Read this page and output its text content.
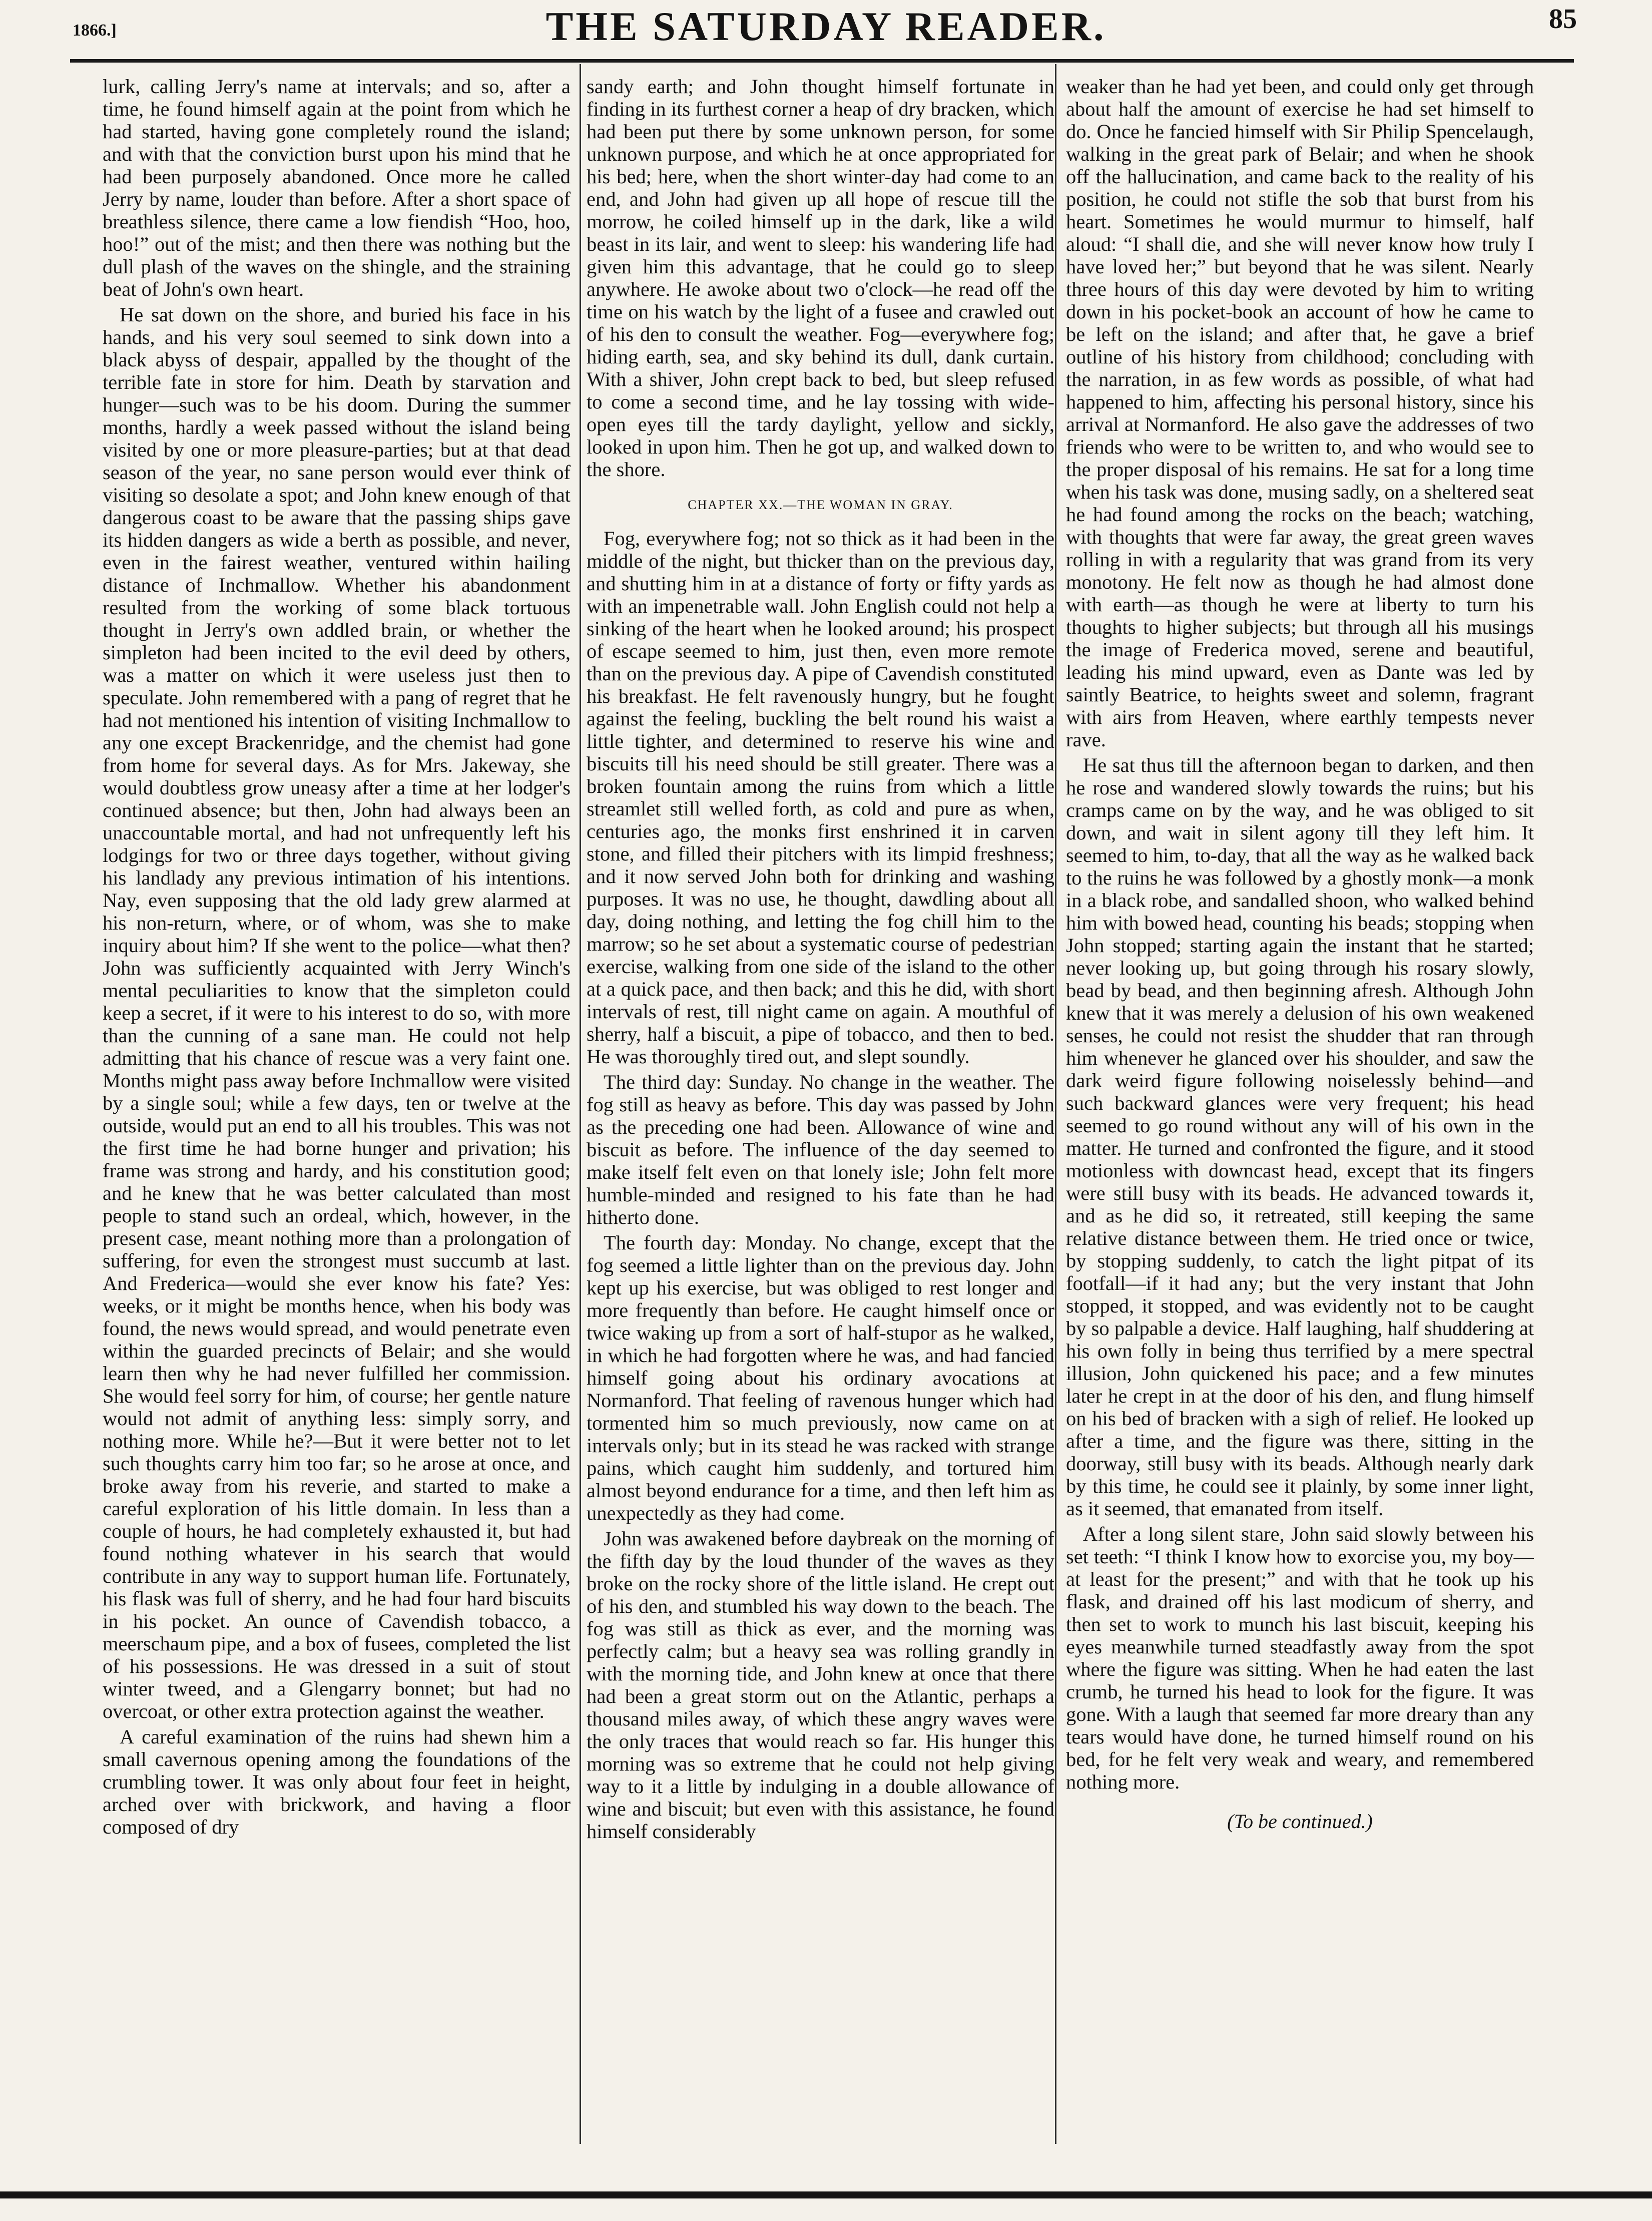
1866.]	THE SATURDAY READER.	85

lurk, calling Jerry's name at intervals; and so, after a time, he found himself again at the point from which he had started, having gone completely round the island; and with that the conviction burst upon his mind that he had been purposely abandoned. Once more he called Jerry by name, louder than before. After a short space of breathless silence, there came a low fiendish “Hoo, hoo, hoo!” out of the mist; and then there was nothing but the dull plash of the waves on the shingle, and the straining beat of John's own heart.

He sat down on the shore, and buried his face in his hands, and his very soul seemed to sink down into a black abyss of despair, appalled by the thought of the terrible fate in store for him. Death by starvation and hunger—such was to be his doom. During the summer months, hardly a week passed without the island being visited by one or more pleasure-parties; but at that dead season of the year, no sane person would ever think of visiting so desolate a spot; and John knew enough of that dangerous coast to be aware that the passing ships gave its hidden dangers as wide a berth as possible, and never, even in the fairest weather, ventured within hailing distance of Inchmallow. Whether his abandonment resulted from the working of some black tortuous thought in Jerry's own addled brain, or whether the simpleton had been incited to the evil deed by others, was a matter on which it were useless just then to speculate. John remembered with a pang of regret that he had not mentioned his intention of visiting Inchmallow to any one except Brackenridge, and the chemist had gone from home for several days. As for Mrs. Jakeway, she would doubtless grow uneasy after a time at her lodger's continued absence; but then, John had always been an unaccountable mortal, and had not unfrequently left his lodgings for two or three days together, without giving his landlady any previous intimation of his intentions. Nay, even supposing that the old lady grew alarmed at his non-return, where, or of whom, was she to make inquiry about him? If she went to the police—what then? John was sufficiently acquainted with Jerry Winch's mental peculiarities to know that the simpleton could keep a secret, if it were to his interest to do so, with more than the cunning of a sane man. He could not help admitting that his chance of rescue was a very faint one. Months might pass away before Inchmallow were visited by a single soul; while a few days, ten or twelve at the outside, would put an end to all his troubles. This was not the first time he had borne hunger and privation; his frame was strong and hardy, and his constitution good; and he knew that he was better calculated than most people to stand such an ordeal, which, however, in the present case, meant nothing more than a prolongation of suffering, for even the strongest must succumb at last. And Frederica—would she ever know his fate? Yes: weeks, or it might be months hence, when his body was found, the news would spread, and would penetrate even within the guarded precincts of Belair; and she would learn then why he had never fulfilled her commission. She would feel sorry for him, of course; her gentle nature would not admit of anything less: simply sorry, and nothing more. While he?—But it were better not to let such thoughts carry him too far; so he arose at once, and broke away from his reverie, and started to make a careful exploration of his little domain. In less than a couple of hours, he had completely exhausted it, but had found nothing whatever in his search that would contribute in any way to support human life. Fortunately, his flask was full of sherry, and he had four hard biscuits in his pocket. An ounce of Cavendish tobacco, a meerschaum pipe, and a box of fusees, completed the list of his possessions. He was dressed in a suit of stout winter tweed, and a Glengarry bonnet; but had no overcoat, or other extra protection against the weather.

A careful examination of the ruins had shewn him a small cavernous opening among the foundations of the crumbling tower. It was only about four feet in height, arched over with brickwork, and having a floor composed of dry

sandy earth; and John thought himself fortunate in finding in its furthest corner a heap of dry bracken, which had been put there by some unknown person, for some unknown purpose, and which he at once appropriated for his bed; here, when the short winter-day had come to an end, and John had given up all hope of rescue till the morrow, he coiled himself up in the dark, like a wild beast in its lair, and went to sleep: his wandering life had given him this advantage, that he could go to sleep anywhere. He awoke about two o'clock—he read off the time on his watch by the light of a fusee and crawled out of his den to consult the weather. Fog—everywhere fog; hiding earth, sea, and sky behind its dull, dank curtain. With a shiver, John crept back to bed, but sleep refused to come a second time, and he lay tossing with wide-open eyes till the tardy daylight, yellow and sickly, looked in upon him. Then he got up, and walked down to the shore.

CHAPTER XX.—THE WOMAN IN GRAY.

Fog, everywhere fog; not so thick as it had been in the middle of the night, but thicker than on the previous day, and shutting him in at a distance of forty or fifty yards as with an impenetrable wall. John English could not help a sinking of the heart when he looked around; his prospect of escape seemed to him, just then, even more remote than on the previous day. A pipe of Cavendish constituted his breakfast. He felt ravenously hungry, but he fought against the feeling, buckling the belt round his waist a little tighter, and determined to reserve his wine and biscuits till his need should be still greater. There was a broken fountain among the ruins from which a little streamlet still welled forth, as cold and pure as when, centuries ago, the monks first enshrined it in carven stone, and filled their pitchers with its limpid freshness; and it now served John both for drinking and washing purposes. It was no use, he thought, dawdling about all day, doing nothing, and letting the fog chill him to the marrow; so he set about a systematic course of pedestrian exercise, walking from one side of the island to the other at a quick pace, and then back; and this he did, with short intervals of rest, till night came on again. A mouthful of sherry, half a biscuit, a pipe of tobacco, and then to bed. He was thoroughly tired out, and slept soundly.

The third day: Sunday. No change in the weather. The fog still as heavy as before. This day was passed by John as the preceding one had been. Allowance of wine and biscuit as before. The influence of the day seemed to make itself felt even on that lonely isle; John felt more humble-minded and resigned to his fate than he had hitherto done.

The fourth day: Monday. No change, except that the fog seemed a little lighter than on the previous day. John kept up his exercise, but was obliged to rest longer and more frequently than before. He caught himself once or twice waking up from a sort of half-stupor as he walked, in which he had forgotten where he was, and had fancied himself going about his ordinary avocations at Normanford. That feeling of ravenous hunger which had tormented him so much previously, now came on at intervals only; but in its stead he was racked with strange pains, which caught him suddenly, and tortured him almost beyond endurance for a time, and then left him as unexpectedly as they had come.

John was awakened before daybreak on the morning of the fifth day by the loud thunder of the waves as they broke on the rocky shore of the little island. He crept out of his den, and stumbled his way down to the beach. The fog was still as thick as ever, and the morning was perfectly calm; but a heavy sea was rolling grandly in with the morning tide, and John knew at once that there had been a great storm out on the Atlantic, perhaps a thousand miles away, of which these angry waves were the only traces that would reach so far. His hunger this morning was so extreme that he could not help giving way to it a little by indulging in a double allowance of wine and biscuit; but even with this assistance, he found himself considerably

weaker than he had yet been, and could only get through about half the amount of exercise he had set himself to do. Once he fancied himself with Sir Philip Spencelaugh, walking in the great park of Belair; and when he shook off the hallucination, and came back to the reality of his position, he could not stifle the sob that burst from his heart. Sometimes he would murmur to himself, half aloud: “I shall die, and she will never know how truly I have loved her;” but beyond that he was silent. Nearly three hours of this day were devoted by him to writing down in his pocket-book an account of how he came to be left on the island; and after that, he gave a brief outline of his history from childhood; concluding with the narration, in as few words as possible, of what had happened to him, affecting his personal history, since his arrival at Normanford. He also gave the addresses of two friends who were to be written to, and who would see to the proper disposal of his remains. He sat for a long time when his task was done, musing sadly, on a sheltered seat he had found among the rocks on the beach; watching, with thoughts that were far away, the great green waves rolling in with a regularity that was grand from its very monotony. He felt now as though he had almost done with earth—as though he were at liberty to turn his thoughts to higher subjects; but through all his musings the image of Frederica moved, serene and beautiful, leading his mind upward, even as Dante was led by saintly Beatrice, to heights sweet and solemn, fragrant with airs from Heaven, where earthly tempests never rave.

He sat thus till the afternoon began to darken, and then he rose and wandered slowly towards the ruins; but his cramps came on by the way, and he was obliged to sit down, and wait in silent agony till they left him. It seemed to him, to-day, that all the way as he walked back to the ruins he was followed by a ghostly monk—a monk in a black robe, and sandalled shoon, who walked behind him with bowed head, counting his beads; stopping when John stopped; starting again the instant that he started; never looking up, but going through his rosary slowly, bead by bead, and then beginning afresh. Although John knew that it was merely a delusion of his own weakened senses, he could not resist the shudder that ran through him whenever he glanced over his shoulder, and saw the dark weird figure following noiselessly behind—and such backward glances were very frequent; his head seemed to go round without any will of his own in the matter. He turned and confronted the figure, and it stood motionless with downcast head, except that its fingers were still busy with its beads. He advanced towards it, and as he did so, it retreated, still keeping the same relative distance between them. He tried once or twice, by stopping suddenly, to catch the light pitpat of its footfall—if it had any; but the very instant that John stopped, it stopped, and was evidently not to be caught by so palpable a device. Half laughing, half shuddering at his own folly in being thus terrified by a mere spectral illusion, John quickened his pace; and a few minutes later he crept in at the door of his den, and flung himself on his bed of bracken with a sigh of relief. He looked up after a time, and the figure was there, sitting in the doorway, still busy with its beads. Although nearly dark by this time, he could see it plainly, by some inner light, as it seemed, that emanated from itself.

After a long silent stare, John said slowly between his set teeth: “I think I know how to exorcise you, my boy—at least for the present;” and with that he took up his flask, and drained off his last modicum of sherry, and then set to work to munch his last biscuit, keeping his eyes meanwhile turned steadfastly away from the spot where the figure was sitting. When he had eaten the last crumb, he turned his head to look for the figure. It was gone. With a laugh that seemed far more dreary than any tears would have done, he turned himself round on his bed, for he felt very weak and weary, and remembered nothing more.

(To be continued.)
